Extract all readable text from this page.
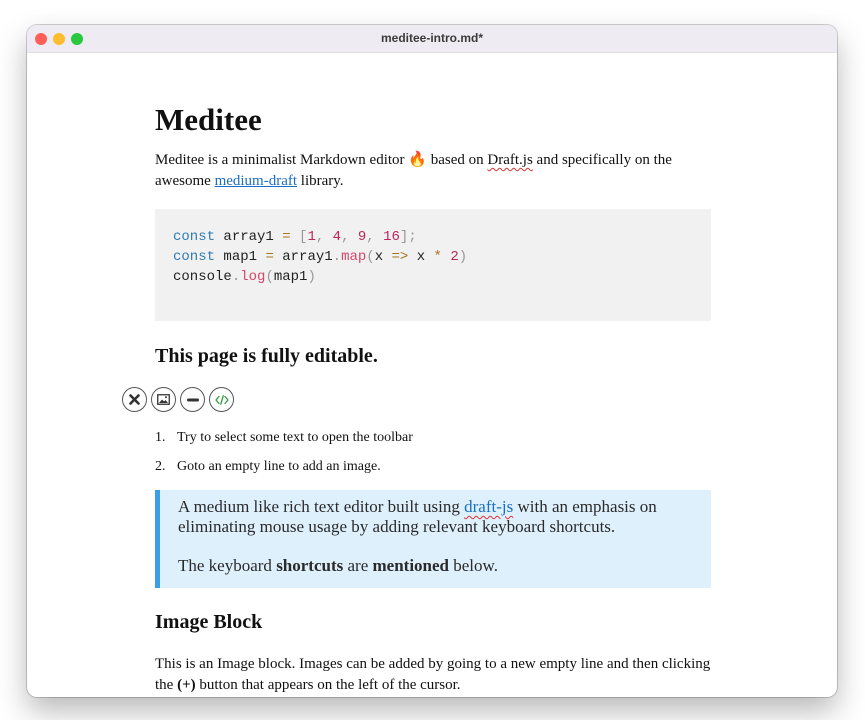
meditee-intro.md*
Meditee

Meditee is a minimalist Markdown editor 🔥 based on Draft.js and specifically on the awesome medium-draft library.

const array1 = [1, 4, 9, 16];
const map1 = array1.map(x => x * 2)
console.log(map1)
This page is fully editable.
1. Try to select some text to open the toolbar
2. Goto an empty line to add an image.

A medium like rich text editor built using draft-js with an emphasis on eliminating mouse usage by adding relevant keyboard shortcuts.

The keyboard shortcuts are mentioned below.

Image Block

This is an Image block. Images can be added by going to a new empty line and then clicking the (+) button that appears on the left of the cursor.
